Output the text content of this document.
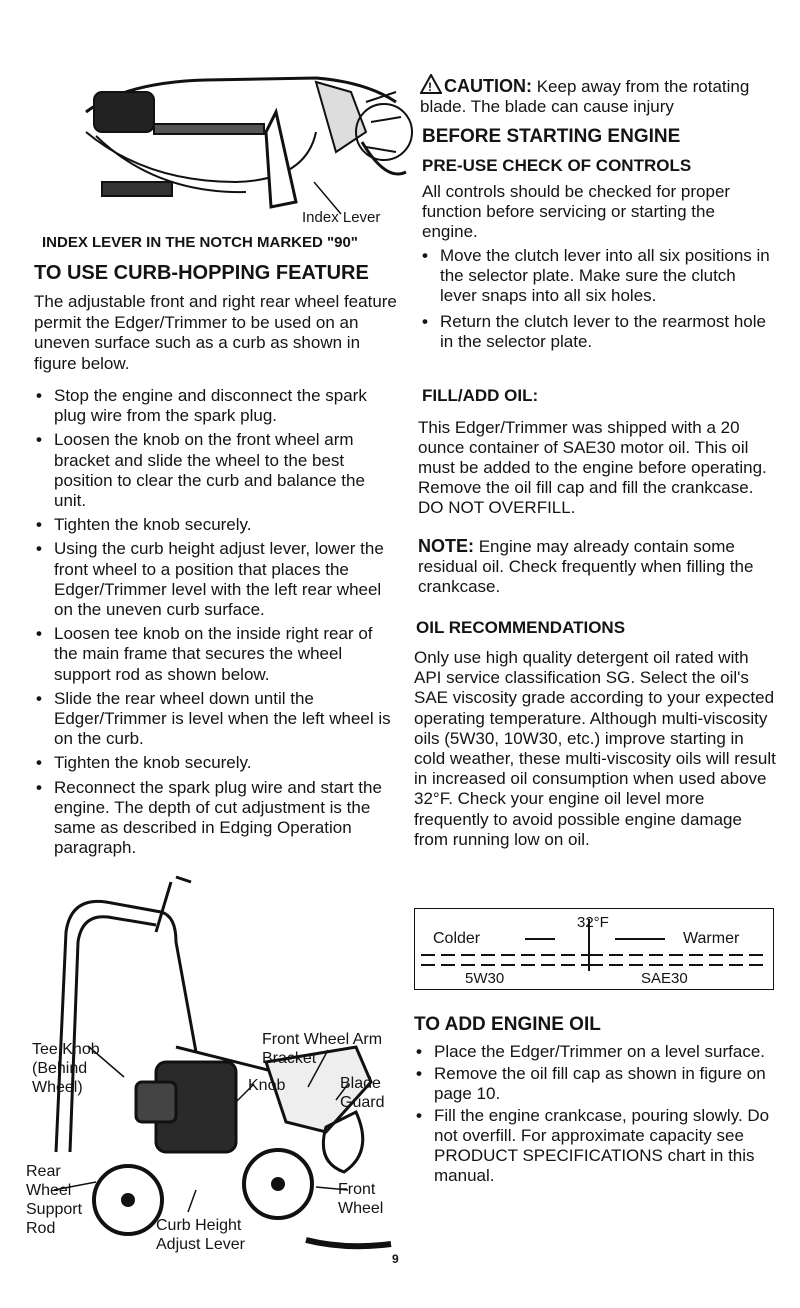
Index Lever
INDEX LEVER IN THE NOTCH MARKED "90"
TO USE CURB-HOPPING FEATURE

The adjustable front and right rear wheel feature permit the Edger/Trimmer to be used on an uneven surface such as a curb as shown in figure below.

• Stop the engine and disconnect the spark plug wire from the spark plug.
• Loosen the knob on the front wheel arm bracket and slide the wheel to the best position to clear the curb and balance the unit.
• Tighten the knob securely.
• Using the curb height adjust lever, lower the front wheel to a position that places the Edger/Trimmer level with the left rear wheel on the uneven curb surface.
• Loosen tee knob on the inside right rear of the main frame that secures the wheel support rod as shown below.
• Slide the rear wheel down until the Edger/Trimmer is level when the left wheel is on the curb.
• Tighten the knob securely.
• Reconnect the spark plug wire and start the engine. The depth of cut adjustment is the same as described in Edging Operation paragraph.
Tee Knob
(Behind
Wheel)
Front Wheel Arm
Bracket
Knob	Blade
Guard
Rear
Wheel
Support
Rod
Front
Wheel
Curb Height
Adjust Lever
9

! CAUTION: Keep away from the rotating blade. The blade can cause injury

BEFORE STARTING ENGINE
PRE-USE CHECK OF CONTROLS

All controls should be checked for proper function before servicing or starting the engine.

• Move the clutch lever into all six positions in the selector plate. Make sure the clutch lever snaps into all six holes.
• Return the clutch lever to the rearmost hole in the selector plate.
FILL/ADD OIL:

This Edger/Trimmer was shipped with a 20 ounce container of SAE30 motor oil. This oil must be added to the engine before operating. Remove the oil fill cap and fill the crankcase. DO NOT OVERFILL.

NOTE: Engine may already contain some residual oil. Check frequently when filling the crankcase.

OIL RECOMMENDATIONS

Only use high quality detergent oil rated with API service classification SG. Select the oil's SAE viscosity grade according to your expected operating temperature. Although multi-viscosity oils (5W30, 10W30, etc.) improve starting in cold weather, these multi-viscosity oils will result in increased oil consumption when used above 32°F. Check your engine oil level more frequently to avoid possible engine damage from running low on oil.

32°F
Colder	Warmer
5W30	SAE30
TO ADD ENGINE OIL
• Place the Edger/Trimmer on a level surface.
• Remove the oil fill cap as shown in figure on page 10.
• Fill the engine crankcase, pouring slowly. Do not overfill. For approximate capacity see PRODUCT SPECIFICATIONS chart in this manual.
